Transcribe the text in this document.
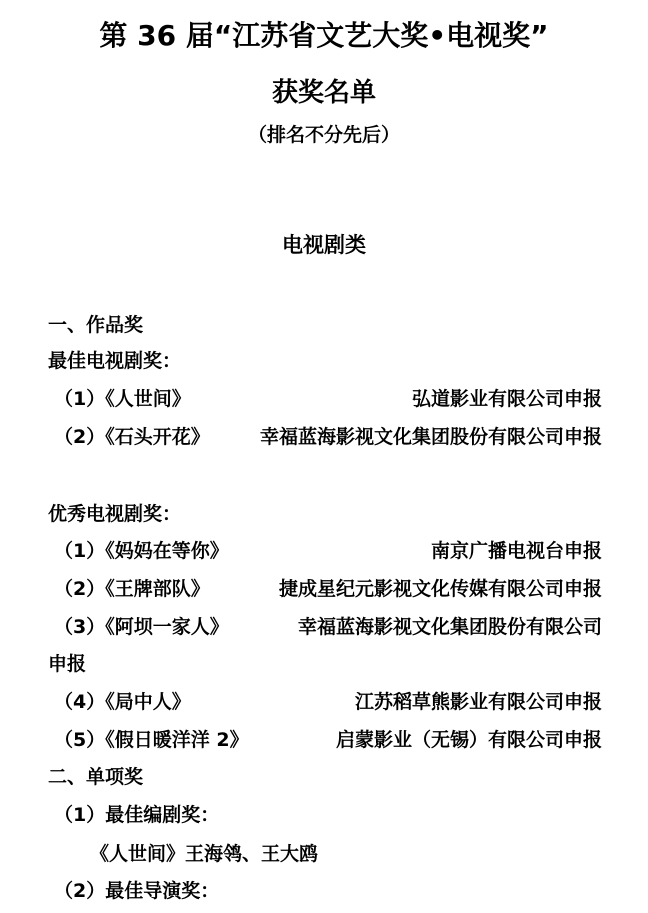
第 36 届“江苏省文艺大奖•电视奖”
获奖名单
（排名不分先后）
电视剧类
一、作品奖
最佳电视剧奖：
（1）《人世间》	弘道影业有限公司申报
（2）《石头开花》	幸福蓝海影视文化集团股份有限公司申报
优秀电视剧奖：
（1）《妈妈在等你》	南京广播电视台申报
（2）《王牌部队》	捷成星纪元影视文化传媒有限公司申报
（3）《阿坝一家人》	幸福蓝海影视文化集团股份有限公司
申报
（4）《局中人》	江苏稻草熊影业有限公司申报
（5）《假日暖洋洋 2》	启蒙影业（无锡）有限公司申报
二、单项奖
（1）最佳编剧奖：
《人世间》王海鸰、王大鸥
（2）最佳导演奖：
